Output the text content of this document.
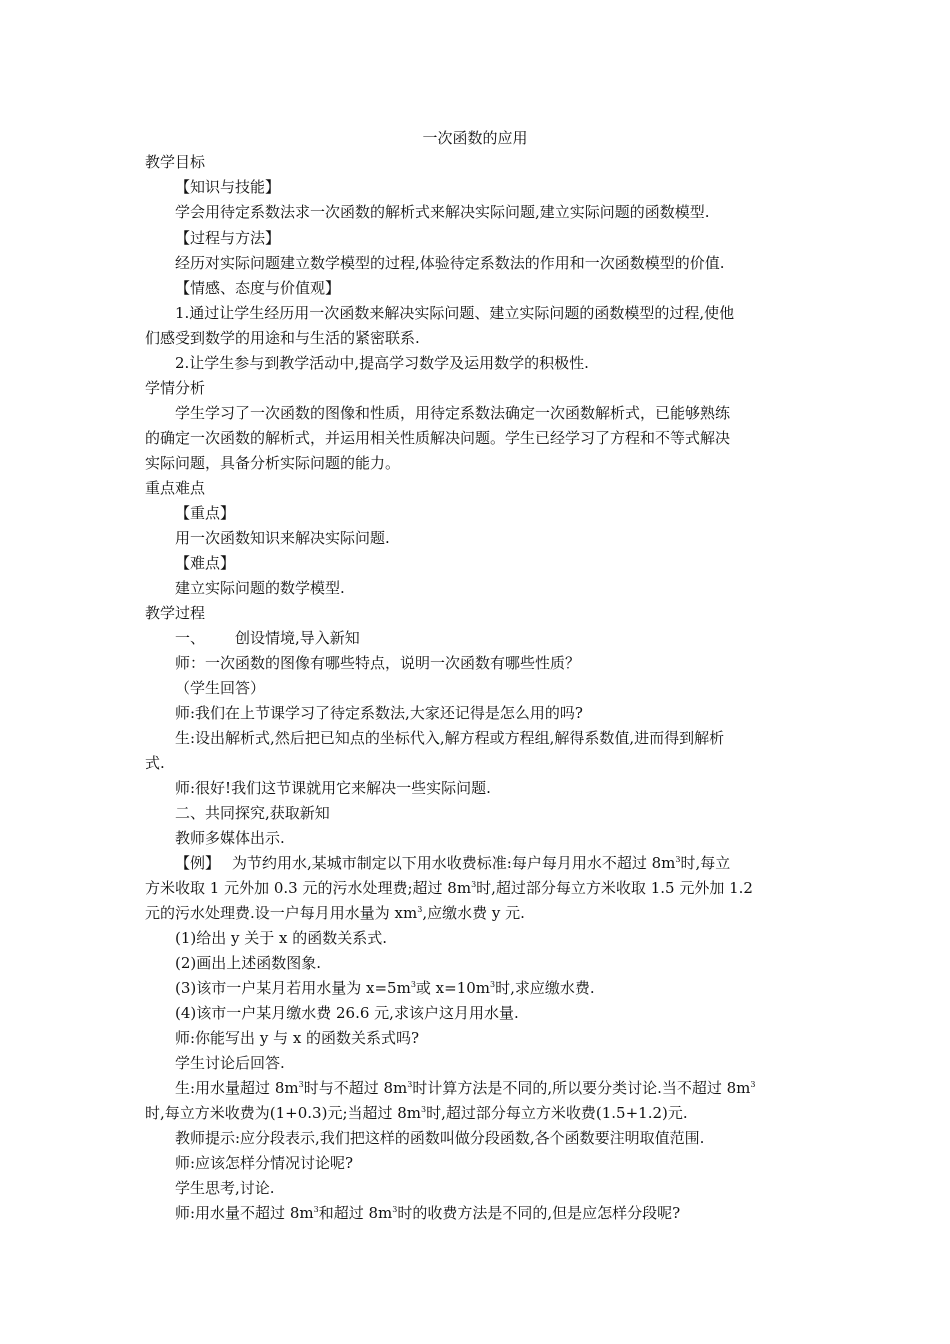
一次函数的应用
教学目标
【知识与技能】
学会用待定系数法求一次函数的解析式来解决实际问题,建立实际问题的函数模型.
【过程与方法】
经历对实际问题建立数学模型的过程,体验待定系数法的作用和一次函数模型的价值.
【情感、态度与价值观】
1.通过让学生经历用一次函数来解决实际问题、建立实际问题的函数模型的过程,使他
们感受到数学的用途和与生活的紧密联系.
2.让学生参与到教学活动中,提高学习数学及运用数学的积极性.
学情分析
学生学习了一次函数的图像和性质，用待定系数法确定一次函数解析式，已能够熟练
的确定一次函数的解析式，并运用相关性质解决问题。学生已经学习了方程和不等式解决
实际问题，具备分析实际问题的能力。
重点难点
【重点】
用一次函数知识来解决实际问题.
【难点】
建立实际问题的数学模型.
教学过程
一、 创设情境,导入新知
师：一次函数的图像有哪些特点，说明一次函数有哪些性质？
（学生回答）
师:我们在上节课学习了待定系数法,大家还记得是怎么用的吗?
生:设出解析式,然后把已知点的坐标代入,解方程或方程组,解得系数值,进而得到解析
式.
师:很好!我们这节课就用它来解决一些实际问题.
二、共同探究,获取新知
教师多媒体出示.
【例】 为节约用水,某城市制定以下用水收费标准:每户每月用水不超过 $8m^3$时,每立
方米收取 1 元外加 0.3 元的污水处理费;超过 $8m^3$时,超过部分每立方米收取 1.5 元外加 1.2
元的污水处理费.设一户每月用水量为 $xm^3$,应缴水费 y 元.
(1)给出 y 关于 x 的函数关系式.
(2)画出上述函数图象.
(3)该市一户某月若用水量为 $x=5m^3$或 $x=10m^3$时,求应缴水费.
(4)该市一户某月缴水费 26.6 元,求该户这月用水量.
师:你能写出 y 与 x 的函数关系式吗?
学生讨论后回答.
生:用水量超过 $8m^3$时与不超过 $8m^3$时计算方法是不同的,所以要分类讨论.当不超过 $8m^3$
时,每立方米收费为(1+0.3)元;当超过 $8m^3$时,超过部分每立方米收费(1.5+1.2)元.
教师提示:应分段表示,我们把这样的函数叫做分段函数,各个函数要注明取值范围.
师:应该怎样分情况讨论呢?
学生思考,讨论.
师:用水量不超过 $8m^3$和超过 $8m^3$时的收费方法是不同的,但是应怎样分段呢?
